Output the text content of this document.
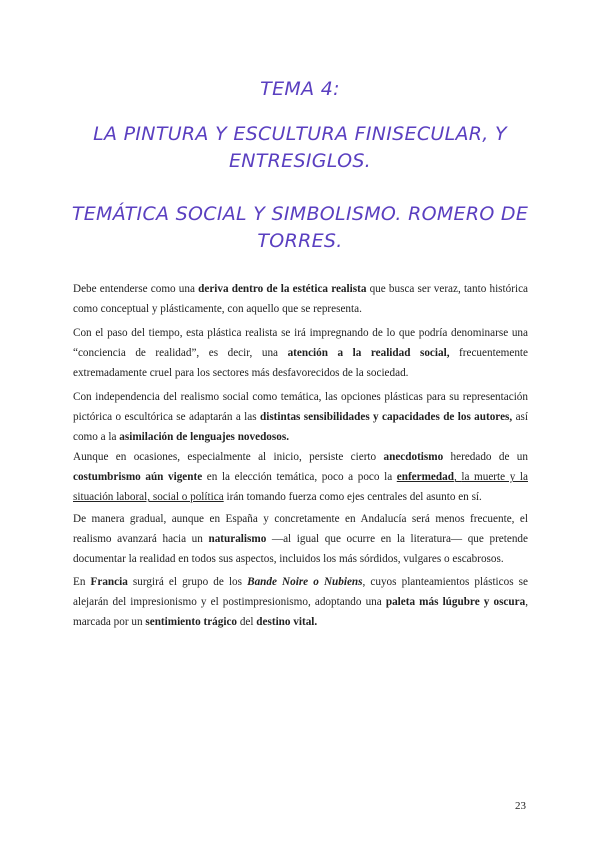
TEMA 4:
LA PINTURA Y ESCULTURA FINISECULAR, Y ENTRESIGLOS.
TEMÁTICA SOCIAL Y SIMBOLISMO. ROMERO DE TORRES.

Debe entenderse como una deriva dentro de la estética realista que busca ser veraz, tanto histórica como conceptual y plásticamente, con aquello que se representa.

Con el paso del tiempo, esta plástica realista se irá impregnando de lo que podría denominarse una “conciencia de realidad”, es decir, una atención a la realidad social, frecuentemente extremadamente cruel para los sectores más desfavorecidos de la sociedad.

Con independencia del realismo social como temática, las opciones plásticas para su representación pictórica o escultórica se adaptarán a las distintas sensibilidades y capacidades de los autores, así como a la asimilación de lenguajes novedosos.

Aunque en ocasiones, especialmente al inicio, persiste cierto anecdotismo heredado de un costumbrismo aún vigente en la elección temática, poco a poco la enfermedad, la muerte y la situación laboral, social o política irán tomando fuerza como ejes centrales del asunto en sí.

De manera gradual, aunque en España y concretamente en Andalucía será menos frecuente, el realismo avanzará hacia un naturalismo —al igual que ocurre en la literatura— que pretende documentar la realidad en todos sus aspectos, incluidos los más sórdidos, vulgares o escabrosos.

En Francia surgirá el grupo de los Bande Noire o Nubiens, cuyos planteamientos plásticos se alejarán del impresionismo y el postimpresionismo, adoptando una paleta más lúgubre y oscura, marcada por un sentimiento trágico del destino vital.

23
